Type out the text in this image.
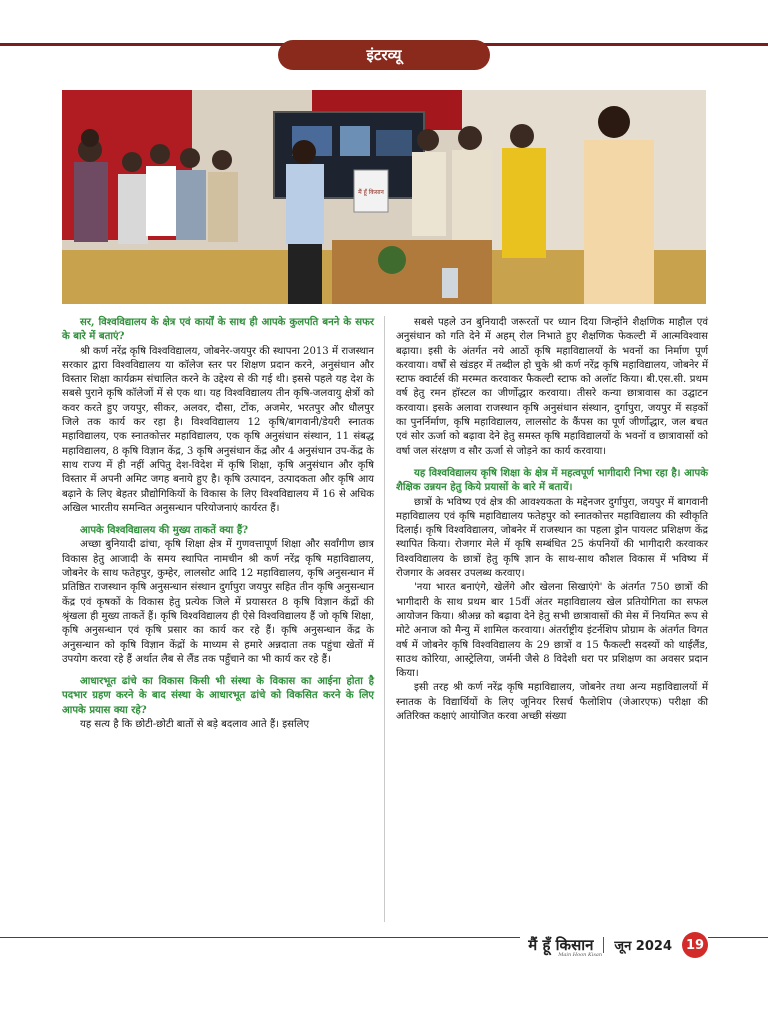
इंटरव्यू
मैं हूँ किसान

सर, विश्वविद्यालय के क्षेत्र एवं कार्यों के साथ ही आपके कुलपति बनने के सफर के बारे में बताएं?

श्री कर्ण नरेंद्र कृषि विश्वविद्यालय, जोबनेर-जयपुर की स्थापना 2013 में राजस्थान सरकार द्वारा विश्वविद्यालय या कॉलेज स्तर पर शिक्षण प्रदान करने, अनुसंधान और विस्तार शिक्षा कार्यक्रम संचालित करने के उद्देश्य से की गई थी। इससे पहले यह देश के सबसे पुराने कृषि कॉलेजों में से एक था। यह विश्वविद्यालय तीन कृषि-जलवायु क्षेत्रों को कवर करते हुए जयपुर, सीकर, अलवर, दौसा, टोंक, अजमेर, भरतपुर और धौलपुर जिले तक कार्य कर रहा है। विश्वविद्यालय 12 कृषि/बागवानी/डेयरी स्नातक महाविद्यालय, एक स्नातकोत्तर महाविद्यालय, एक कृषि अनुसंधान संस्थान, 11 संबद्ध महाविद्यालय, 8 कृषि विज्ञान केंद्र, 3 कृषि अनुसंधान केंद्र और 4 अनुसंधान उप-केंद्र के साथ राज्य में ही नहीं अपितु देश-विदेश में कृषि शिक्षा, कृषि अनुसंधान और कृषि विस्तार में अपनी अमिट जगह बनाये हुए है। कृषि उत्पादन, उत्पादकता और कृषि आय बढ़ाने के लिए बेहतर प्रौद्योगिकियों के विकास के लिए विश्वविद्यालय में 16 से अधिक अखिल भारतीय समन्वित अनुसन्धान परियोजनाएं कार्यरत हैं।

आपके विश्वविद्यालय की मुख्य ताकतें क्या हैं?

अच्छा बुनियादी ढांचा, कृषि शिक्षा क्षेत्र में गुणवत्तापूर्ण शिक्षा और सर्वांगीण छात्र विकास हेतु आजादी के समय स्थापित नामचीन श्री कर्ण नरेंद्र कृषि महाविद्यालय, जोबनेर के साथ फतेहपुर, कुम्हेर, लालसोट आदि 12 महाविद्यालय, कृषि अनुसन्धान में प्रतिष्ठित राजस्थान कृषि अनुसन्धान संस्थान दुर्गापुरा जयपुर सहित तीन कृषि अनुसन्धान केंद्र एवं कृषकों के विकास हेतु प्रत्येक जिले में प्रयासरत 8 कृषि विज्ञान केंद्रों की श्रृंखला ही मुख्य ताकतें हैं। कृषि विश्वविद्यालय ही ऐसे विश्वविद्यालय हैं जो कृषि शिक्षा, कृषि अनुसन्धान एवं कृषि प्रसार का कार्य कर रहे हैं। कृषि अनुसन्धान केंद्र के अनुसन्धान को कृषि विज्ञान केंद्रों के माध्यम से हमारे अन्नदाता तक पहुंचा खेतों में उपयोग करवा रहे हैं अर्थात लैब से लैंड तक पहुँचाने का भी कार्य कर रहे हैं।

आधारभूत ढांचे का विकास किसी भी संस्था के विकास का आईना होता है पदभार ग्रहण करने के बाद संस्था के आधारभूत ढांचे को विकसित करने के लिए आपके प्रयास क्या रहे?

यह सत्य है कि छोटी-छोटी बातों से बड़े बदलाव आते हैं। इसलिए

सबसे पहले उन बुनियादी जरूरतों पर ध्यान दिया जिन्होंने शैक्षणिक माहौल एवं अनुसंधान को गति देने में अहम् रोल निभाते हुए शैक्षणिक फेकल्टी में आत्मविश्वास बढ़ाया। इसी के अंतर्गत नये आठों कृषि महाविद्यालयों के भवनों का निर्माण पूर्ण करवाया। वर्षों से खंडहर में तब्दील हो चुके श्री कर्ण नरेंद्र कृषि महाविद्यालय, जोबनेर में स्टाफ क्वार्टर्स की मरम्मत करवाकर फैकल्टी स्टाफ को अलॉट किया। बी.एस.सी. प्रथम वर्ष हेतु रमन हॉस्टल का जीर्णोद्धार करवाया। तीसरे कन्या छात्रावास का उद्घाटन करवाया। इसके अलावा राजस्थान कृषि अनुसंधान संस्थान, दुर्गापुरा, जयपुर में सड़कों का पुनर्निर्माण, कृषि महाविद्यालय, लालसोट के कैंपस का पूर्ण जीर्णोद्धार, जल बचत एवं सोर ऊर्जा को बढ़ावा देने हेतु समस्त कृषि महाविद्यालयों के भवनों व छात्रावासों को वर्षा जल संरक्षण व सौर ऊर्जा से जोड़ने का कार्य करवाया।

यह विश्वविद्यालय कृषि शिक्षा के क्षेत्र में महत्वपूर्ण भागीदारी निभा रहा है। आपके शैक्षिक उन्नयन हेतु किये प्रयासों के बारे में बतायें।

छात्रों के भविष्य एवं क्षेत्र की आवश्यकता के मद्देनजर दुर्गापुरा, जयपुर में बागवानी महाविद्यालय एवं कृषि महाविद्यालय फतेहपुर को स्नातकोत्तर महाविद्यालय की स्वीकृति दिलाई। कृषि विश्वविद्यालय, जोबनेर में राजस्थान का पहला ड्रोन पायलट प्रशिक्षण केंद्र स्थापित किया। रोजगार मेले में कृषि सम्बंधित 25 कंपनियों की भागीदारी करवाकर विश्वविद्यालय के छात्रों हेतु कृषि ज्ञान के साथ-साथ कौशल विकास में भविष्य में रोजगार के अवसर उपलब्ध करवाए।

'नया भारत बनाएंगे, खेलेंगे और खेलना सिखाएंगे' के अंतर्गत 750 छात्रों की भागीदारी के साथ प्रथम बार 15वीं अंतर महाविद्यालय खेल प्रतियोगिता का सफल आयोजन किया। श्रीअन्न को बढ़ावा देने हेतु सभी छात्रावासों की मेस में नियमित रूप से मोटे अनाज को मैन्यु में शामिल करवाया। अंतर्राष्ट्रीय इंटर्नशिप प्रोग्राम के अंतर्गत विगत वर्ष में जोबनेर कृषि विश्वविद्यालय के 29 छात्रों व 15 फैकल्टी सदस्यों को थाईलैंड, साउथ कोरिया, आस्ट्रेलिया, जर्मनी जैसे 8 विदेशी धरा पर प्रशिक्षण का अवसर प्रदान किया।

इसी तरह श्री कर्ण नरेंद्र कृषि महाविद्यालय, जोबनेर तथा अन्य महाविद्यालयों में स्नातक के विद्यार्थियों के लिए जूनियर रिसर्च फैलोशिप (जेआरएफ) परीक्षा की अतिरिक्त कक्षाएं आयोजित करवा अच्छी संख्या

मैं हूँ किसान
Main Hoon Kisan
जून 2024 19
